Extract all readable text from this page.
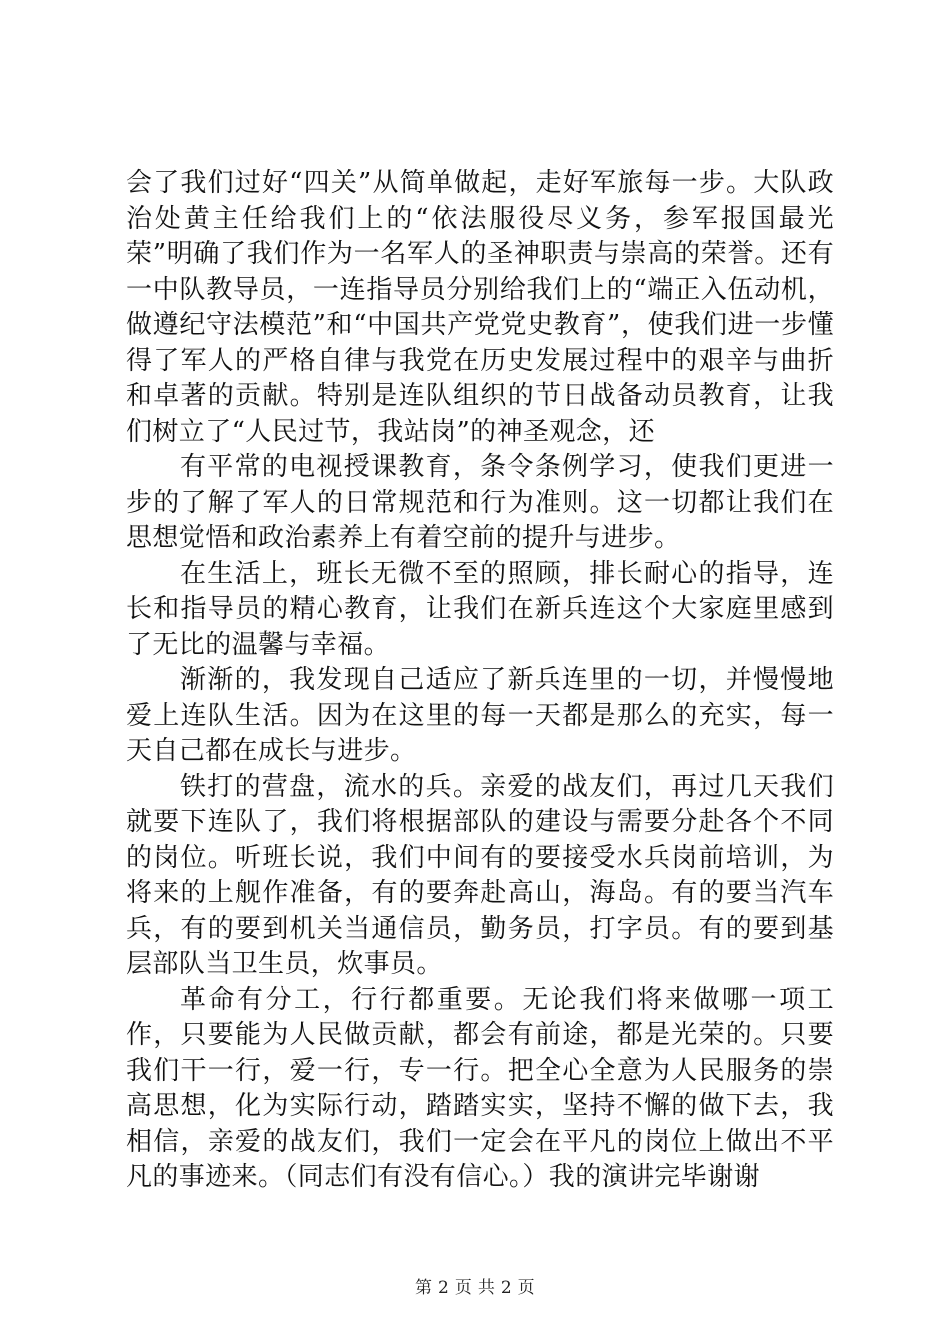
会了我们过好“四关”从简单做起，走好军旅每一步。大队政治处黄主任给我们上的“依法服役尽义务，参军报国最光荣”明确了我们作为一名军人的圣神职责与崇高的荣誉。还有一中队教导员，一连指导员分别给我们上的“端正入伍动机，做遵纪守法模范”和“中国共产党党史教育”，使我们进一步懂得了军人的严格自律与我党在历史发展过程中的艰辛与曲折和卓著的贡献。特别是连队组织的节日战备动员教育，让我们树立了“人民过节，我站岗”的神圣观念，还

有平常的电视授课教育，条令条例学习，使我们更进一步的了解了军人的日常规范和行为准则。这一切都让我们在思想觉悟和政治素养上有着空前的提升与进步。

在生活上，班长无微不至的照顾，排长耐心的指导，连长和指导员的精心教育，让我们在新兵连这个大家庭里感到了无比的温馨与幸福。

渐渐的，我发现自己适应了新兵连里的一切，并慢慢地爱上连队生活。因为在这里的每一天都是那么的充实，每一天自己都在成长与进步。

铁打的营盘，流水的兵。亲爱的战友们，再过几天我们就要下连队了，我们将根据部队的建设与需要分赴各个不同的岗位。听班长说，我们中间有的要接受水兵岗前培训，为将来的上舰作准备，有的要奔赴高山，海岛。有的要当汽车兵，有的要到机关当通信员，勤务员，打字员。有的要到基层部队当卫生员，炊事员。

革命有分工，行行都重要。无论我们将来做哪一项工作，只要能为人民做贡献，都会有前途，都是光荣的。只要我们干一行，爱一行，专一行。把全心全意为人民服务的崇高思想，化为实际行动，踏踏实实，坚持不懈的做下去，我相信，亲爱的战友们，我们一定会在平凡的岗位上做出不平凡的事迹来。（同志们有没有信心。）我的演讲完毕谢谢

第 2 页 共 2 页
